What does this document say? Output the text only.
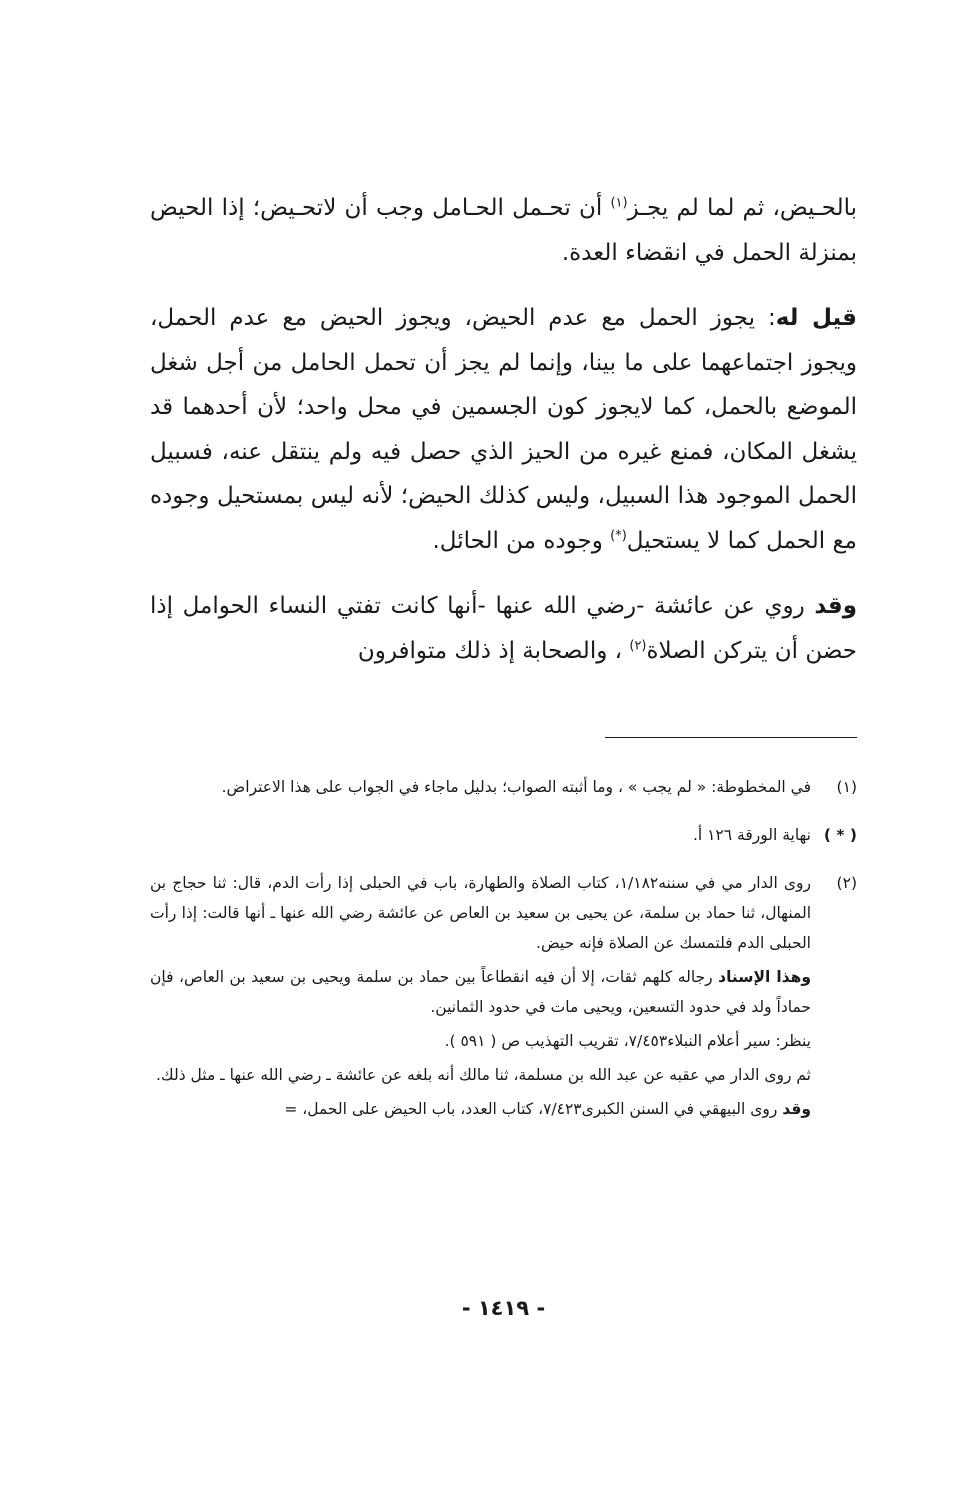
بالحـيض، ثم لما لم يجـز$^{(١)}$ أن تحـمل الحـامل وجب أن لاتحـيض؛ إذا الحيض بمنزلة الحمل في انقضاء العدة.

قيل له: يجوز الحمل مع عدم الحيض، ويجوز الحيض مع عدم الحمل، ويجوز اجتماعهما على ما بينا، وإنما لم يجز أن تحمل الحامل من أجل شغل الموضع بالحمل، كما لايجوز كون الجسمين في محل واحد؛ لأن أحدهما قد يشغل المكان، فمنع غيره من الحيز الذي حصل فيه ولم ينتقل عنه، فسبيل الحمل الموجود هذا السبيل، وليس كذلك الحيض؛ لأنه ليس بمستحيل وجوده مع الحمل كما لا يستحيل(*) وجوده من الحائل.

وقد روي عن عائشة -رضي الله عنها -أنها كانت تفتي النساء الحوامل إذا حضن أن يتركن الصلاة$^{(٢)}$ ، والصحابة إذ ذلك متوافرون

(١)

في المخطوطة: « لم يجب » ، وما أثبته الصواب؛ بدليل ماجاء في الجواب على هذا الاعتراض.

( * )

نهاية الورقة ١٢٦ أ.

(٢)

روى الدار مي في سننه١/١٨٢، كتاب الصلاة والطهارة، باب في الحبلى إذا رأت الدم، قال: ثنا حجاج بن المنهال، ثنا حماد بن سلمة، عن يحيى بن سعيد بن العاص عن عائشة رضي الله عنها ـ أنها قالت: إذا رأت الحبلى الدم فلتمسك عن الصلاة فإنه حيض.

وهذا الإسناد رجاله كلهم ثقات، إلا أن فيه انقطاعاً بين حماد بن سلمة ويحيى بن سعيد بن العاص، فإن حماداً ولد في حدود التسعين، ويحيى مات في حدود الثمانين.

ينظر: سير أعلام النبلاء٧/٤٥٣، تقريب التهذيب ص ( ٥٩١ ).

ثم روى الدار مي عقبه عن عبد الله بن مسلمة، ثنا مالك أنه بلغه عن عائشة ـ رضي الله عنها ـ مثل ذلك.

وقد روى البيهقي في السنن الكبرى٧/٤٢٣، كتاب العدد، باب الحيض على الحمل، =

- ١٤١٩ -
